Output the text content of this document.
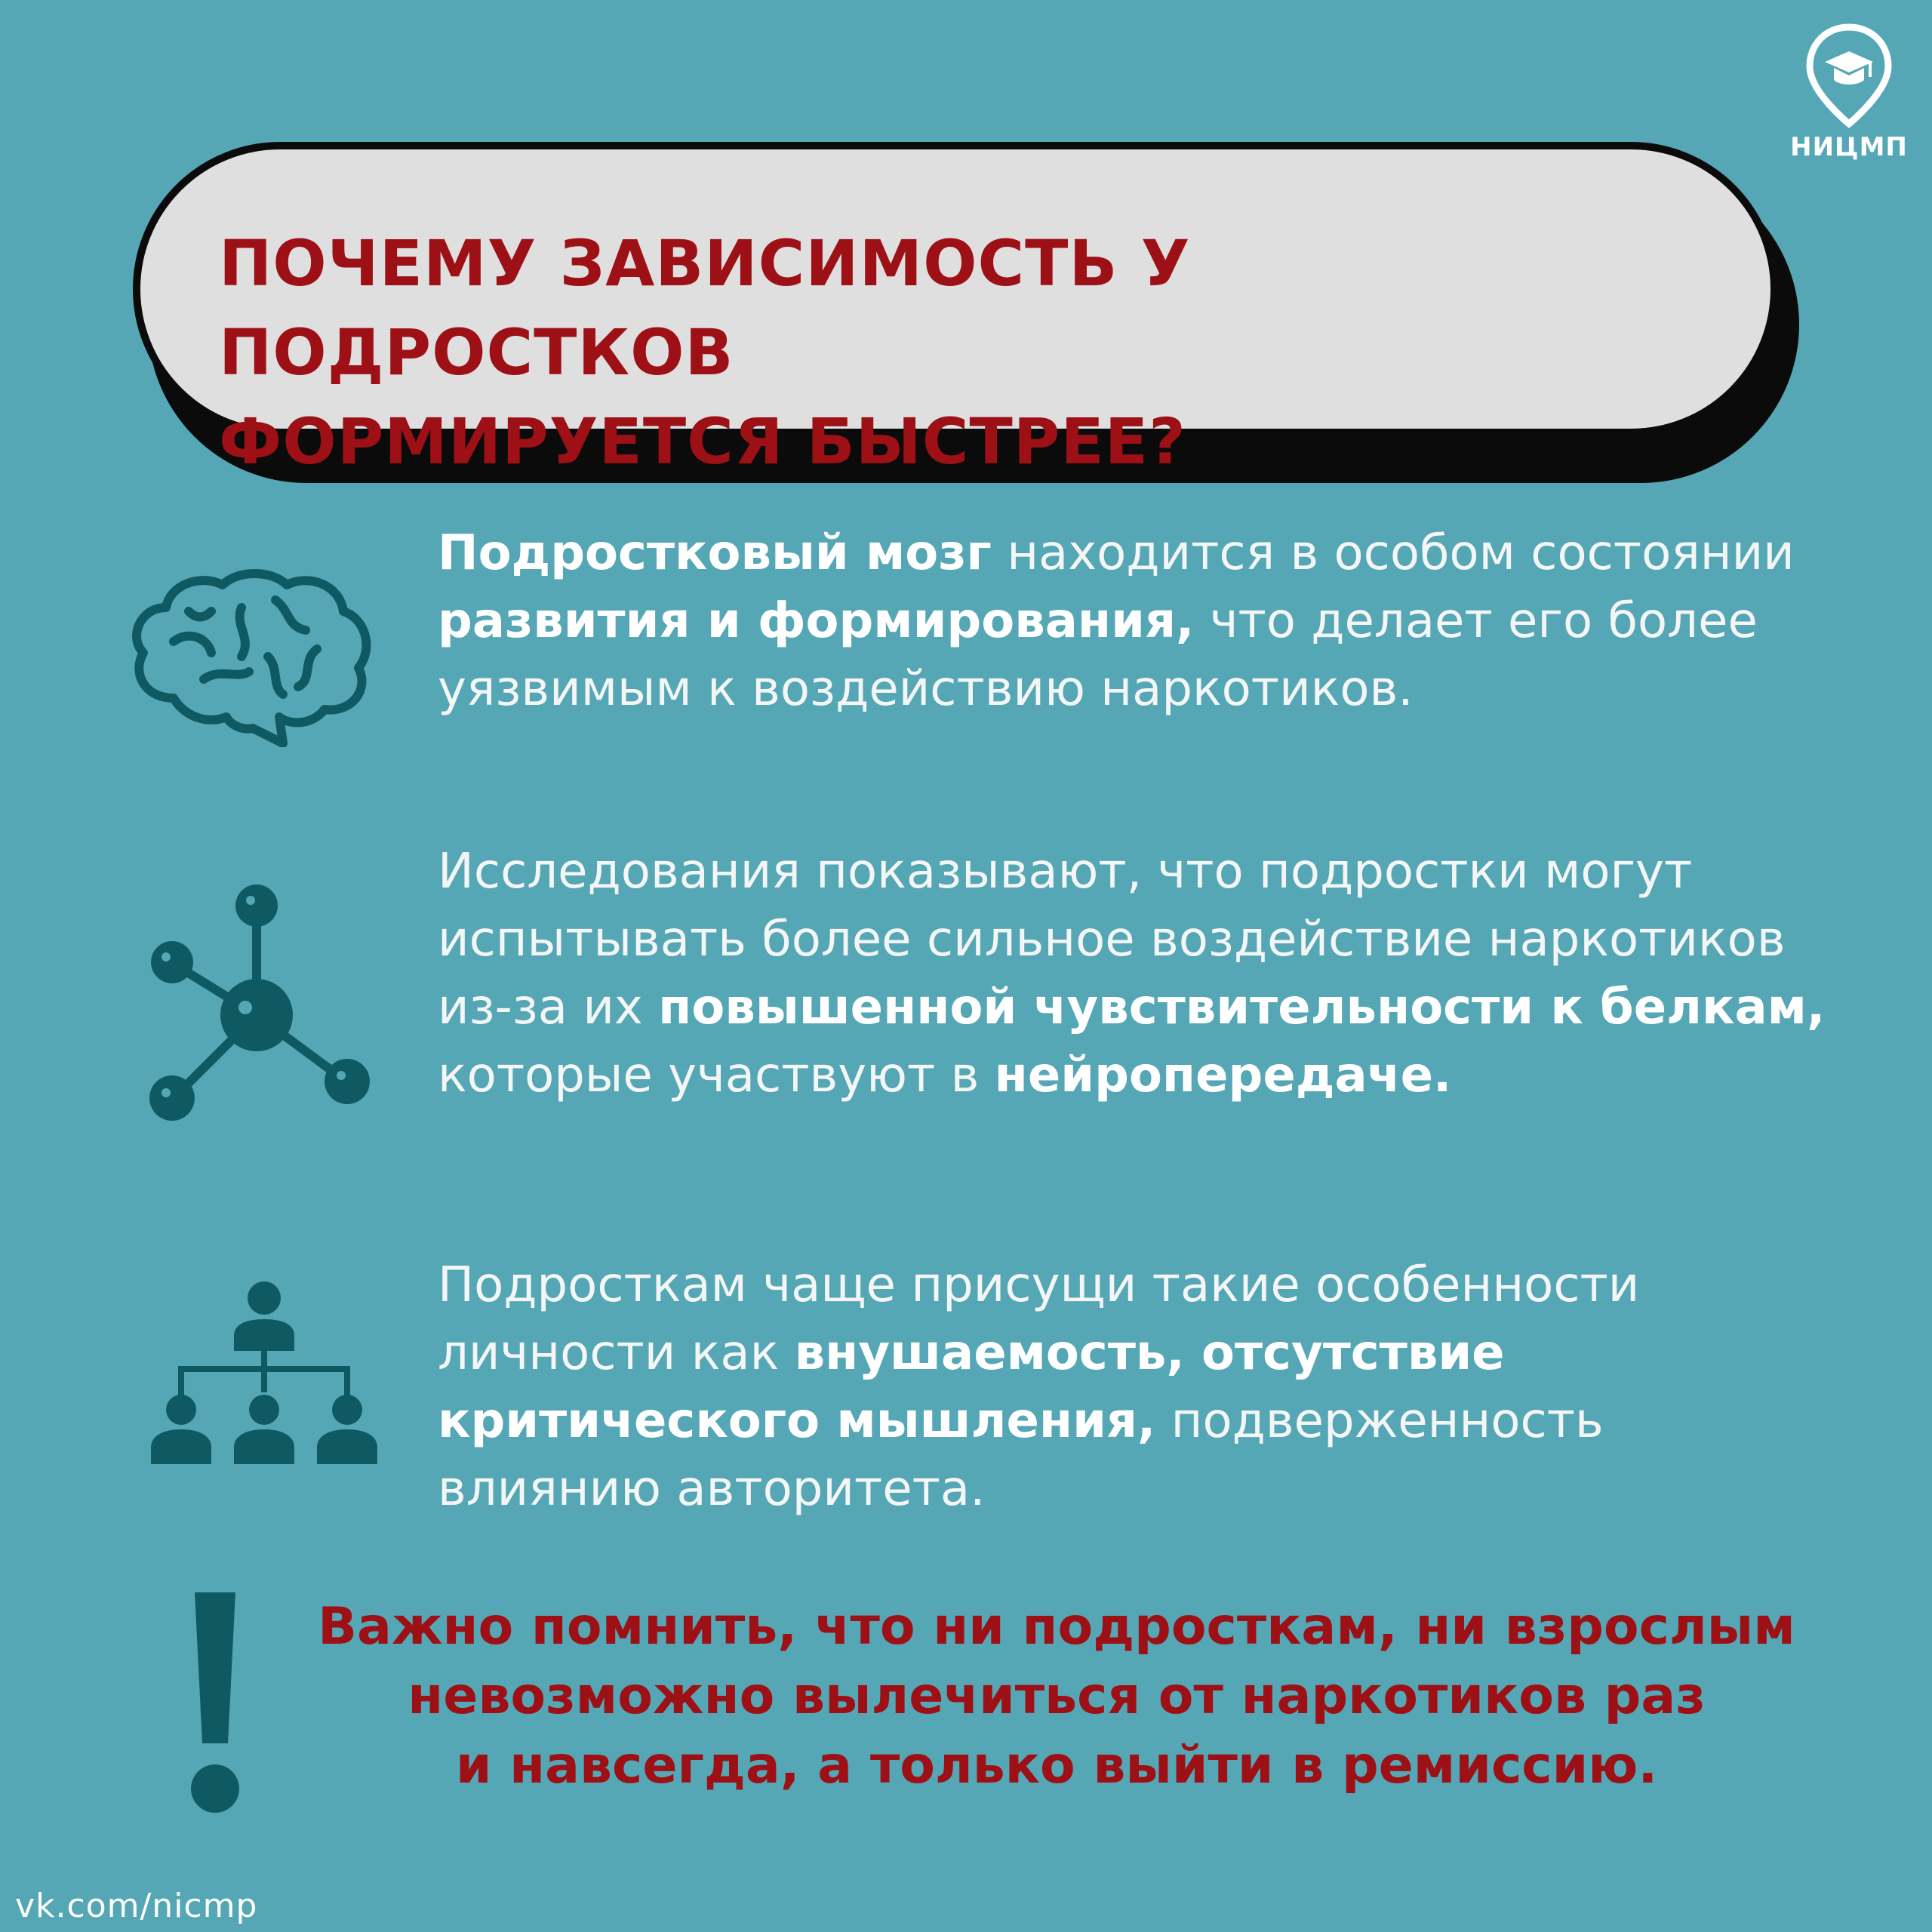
НИЦМП
ПОЧЕМУ ЗАВИСИМОСТЬ У ПОДРОСТКОВ
ФОРМИРУЕТСЯ БЫСТРЕЕ?
Подростковый мозг находится в особом состоянии развития и формирования, что делает его более уязвимым к воздействию наркотиков.
Исследования показывают, что подростки могут испытывать более сильное воздействие наркотиков из-за их повышенной чувствительности к белкам, которые участвуют в нейропередаче.
Подросткам чаще присущи такие особенности личности как внушаемость, отсутствие критического мышления, подверженность влиянию авторитета.
Важно помнить, что ни подросткам, ни взрослым
невозможно вылечиться от наркотиков раз
и навсегда, а только выйти в ремиссию.
vk.com/nicmp
